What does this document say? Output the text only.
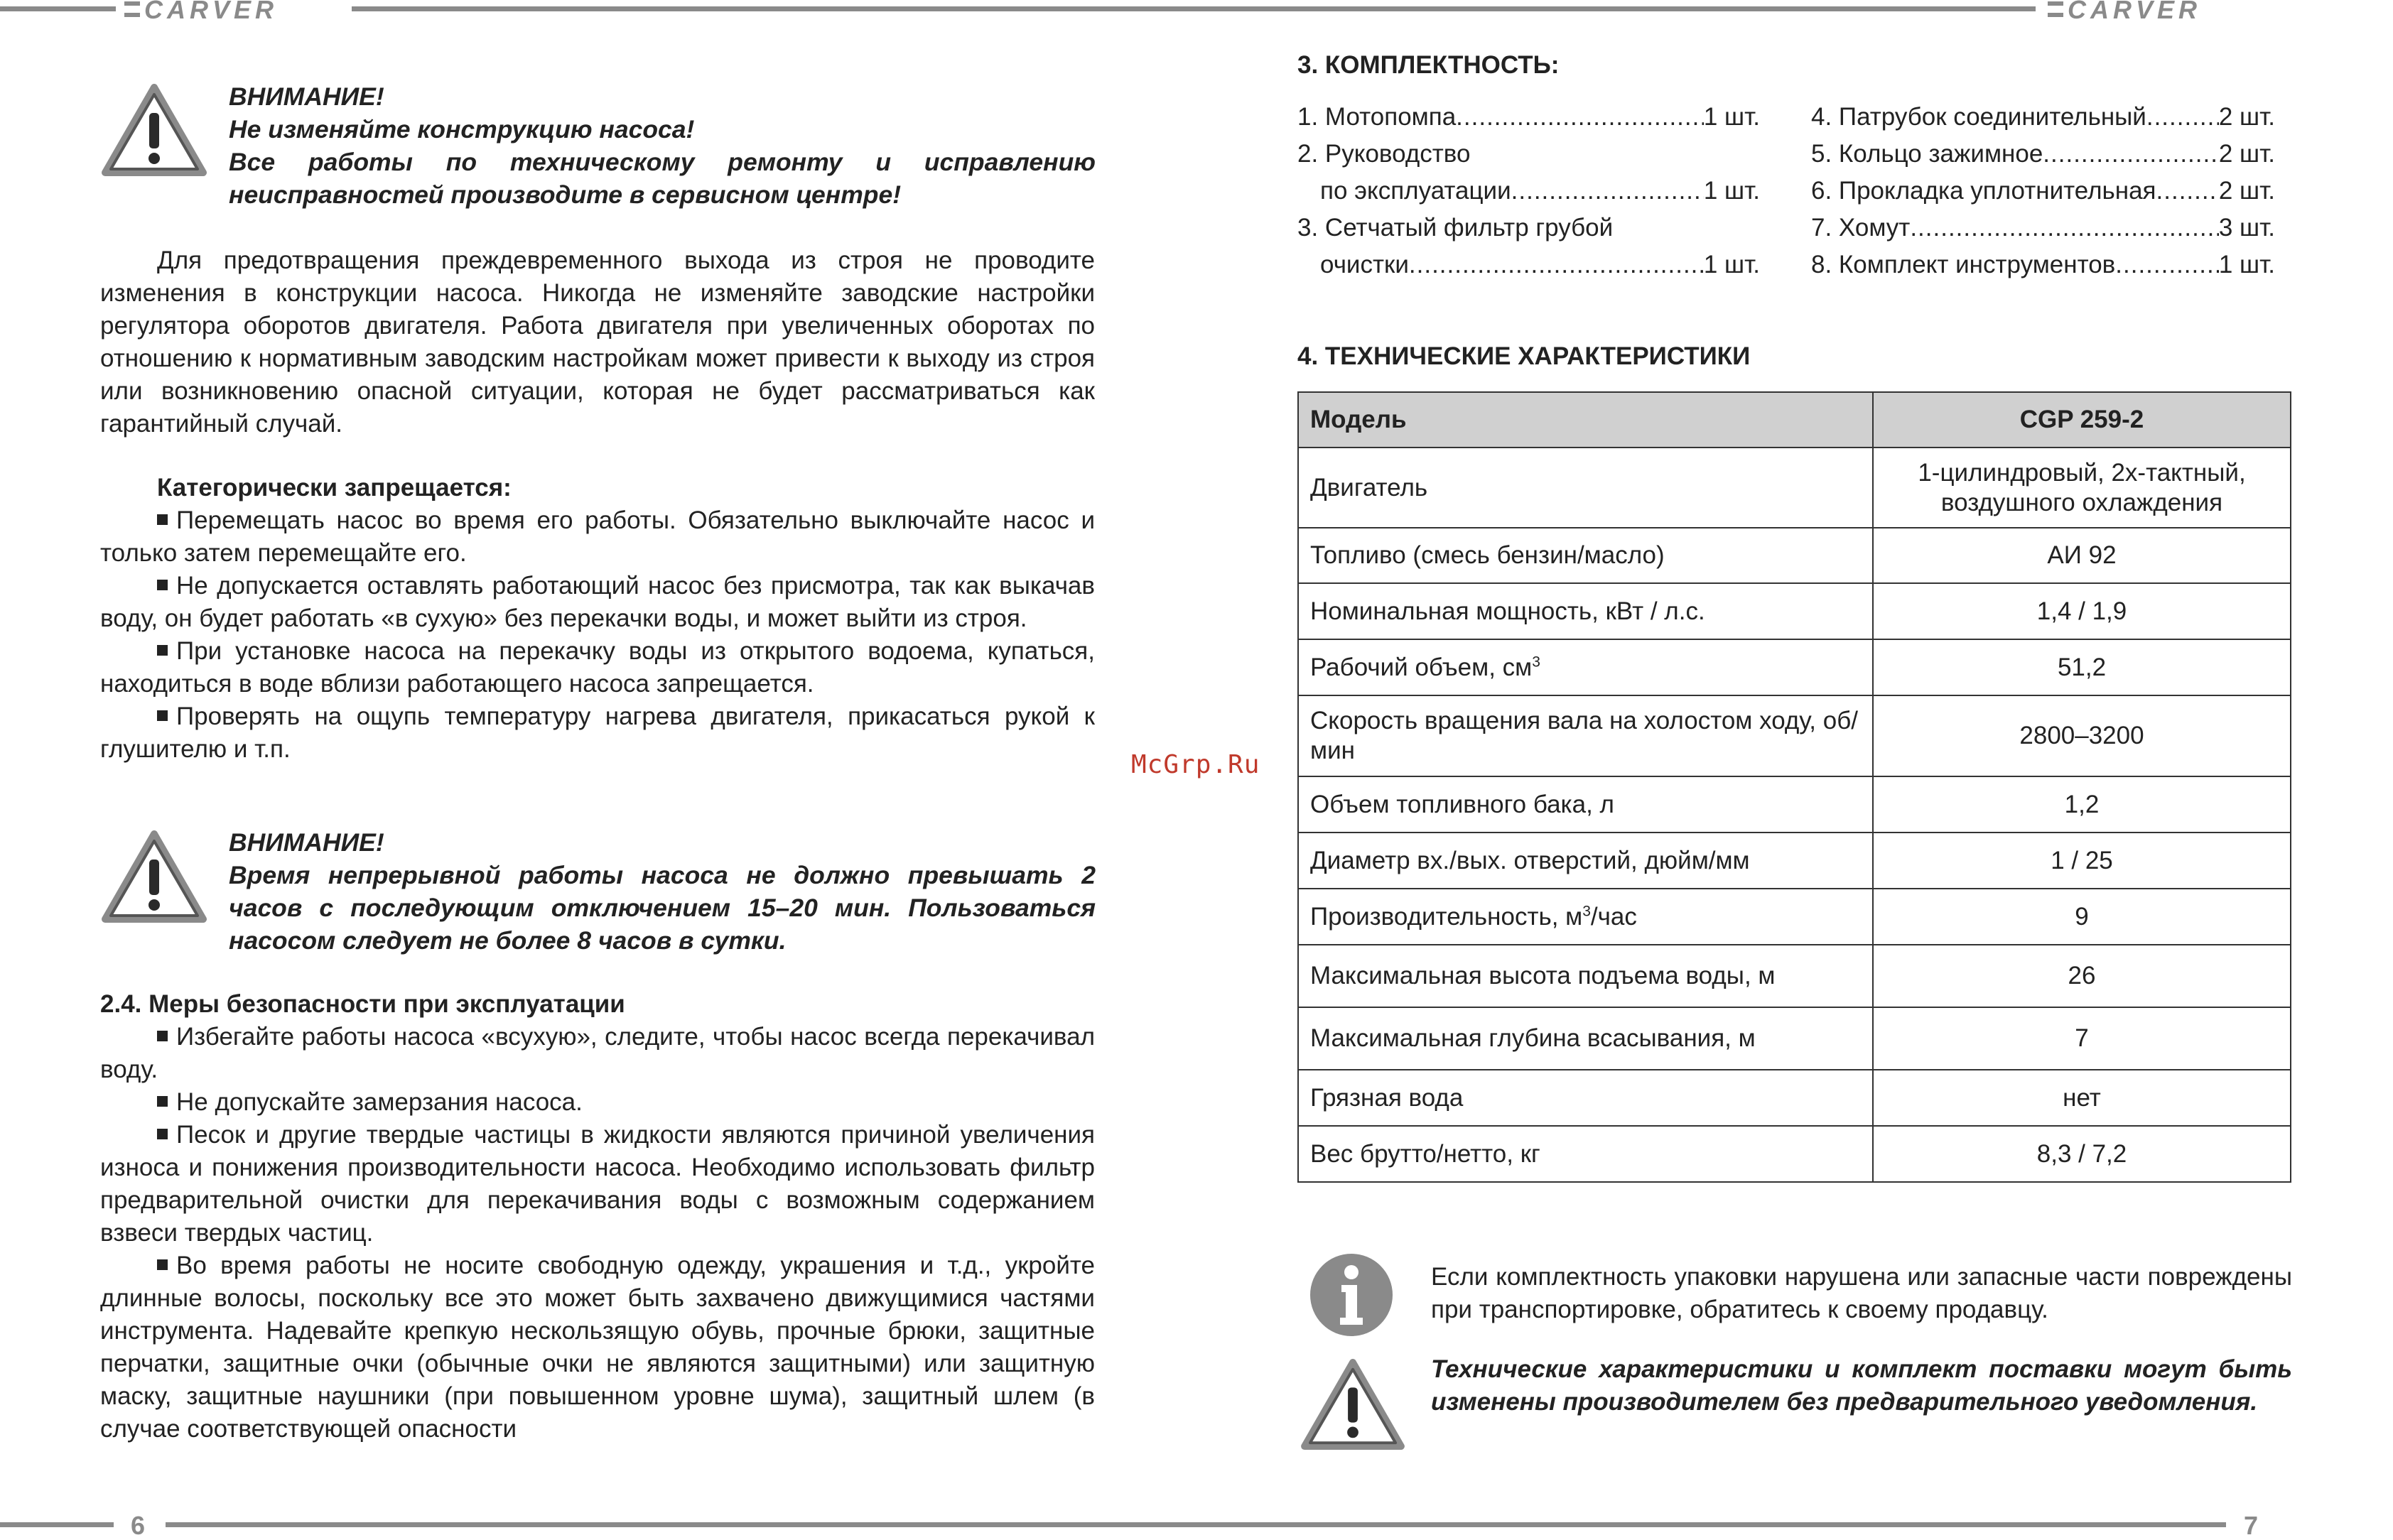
CARVER	CARVER
6	7
ВНИМАНИЕ!
Не изменяйте конструкцию насоса!
Все работы по техническому ремонту и исправлению неисправностей производите в сервисном центре!
Для предотвращения преждевременного выхода из строя не проводите изменения в конструкции насоса. Никогда не изменяйте заводские настройки регулятора оборотов двигателя. Работа двигателя при увеличенных оборотах по отношению к нормативным заводским настройкам может привести к выходу из строя или возникновению опасной ситуации, которая не будет рассматриваться как гарантийный случай.
Категорически запрещается:
Перемещать насос во время его работы. Обязательно выключайте насос и только затем перемещайте его.
Не допускается оставлять работающий насос без присмотра, так как выкачав воду, он будет работать «в сухую» без перекачки воды, и может выйти из строя.
При установке насоса на перекачку воды из открытого водоема, купаться, находиться в воде вблизи работающего насоса запрещается.
Проверять на ощупь температуру нагрева двигателя, прикасаться рукой к глушителю и т.п.
ВНИМАНИЕ!
Время непрерывной работы насоса не должно превышать 2 часов с последующим отключением 15–20 мин. Пользоваться насосом следует не более 8 часов в сутки.
2.4. Меры безопасности при эксплуатации
Избегайте работы насоса «всухую», следите, чтобы насос всегда перекачивал воду.
Не допускайте замерзания насоса.
Песок и другие твердые частицы в жидкости являются причиной увеличения износа и понижения производительности насоса. Необходимо использовать фильтр предварительной очистки для перекачивания воды с возможным содержанием взвеси твердых частиц.
Во время работы не носите свободную одежду, украшения и т.д., укройте длинные волосы, поскольку все это может быть захвачено движущимися частями инструмента. Надевайте крепкую нескользящую обувь, прочные брюки, защитные перчатки, защитные очки (обычные очки не являются защитными) или защитную маску, защитные наушники (при повышенном уровне шума), защитный шлем (в случае соответствующей опасности
McGrp.Ru
3. КОМПЛЕКТНОСТЬ:
1. Мотопомпа .....	1 шт.
2. Руководство
по эксплуатации .....	1 шт.
3. Сетчатый фильтр грубой
очистки .....	1 шт.
4. Патрубок соединительный .....	2 шт.
5. Кольцо зажимное .....	2 шт.
6. Прокладка уплотнительная .....	2 шт.
7. Хомут .....	3 шт.
8. Комплект инструментов .....	1 шт.
4. ТЕХНИЧЕСКИЕ ХАРАКТЕРИСТИКИ
Модель	CGP 259-2
Двигатель	1-цилиндровый, 2х-тактный, воздушного охлаждения
Топливо (смесь бензин/масло)	АИ 92
Номинальная мощность, кВт / л.с.	1,4 / 1,9
Рабочий объем, $см^3$	51,2
Скорость вращения вала на холостом ходу, об/мин	2800–3200
Объем топливного бака, л	1,2
Диаметр вх./вых. отверстий, дюйм/мм	1 / 25
Производительность, $м^3$/час	9
Максимальная высота подъема воды, м	26
Максимальная глубина всасывания, м	7
Грязная вода	нет
Вес брутто/нетто, кг	8,3 / 7,2
Если комплектность упаковки нарушена или запасные части повреждены при транспортировке, обратитесь к своему продавцу.
Технические характеристики и комплект поставки могут быть изменены производителем без предварительного уведомления.
